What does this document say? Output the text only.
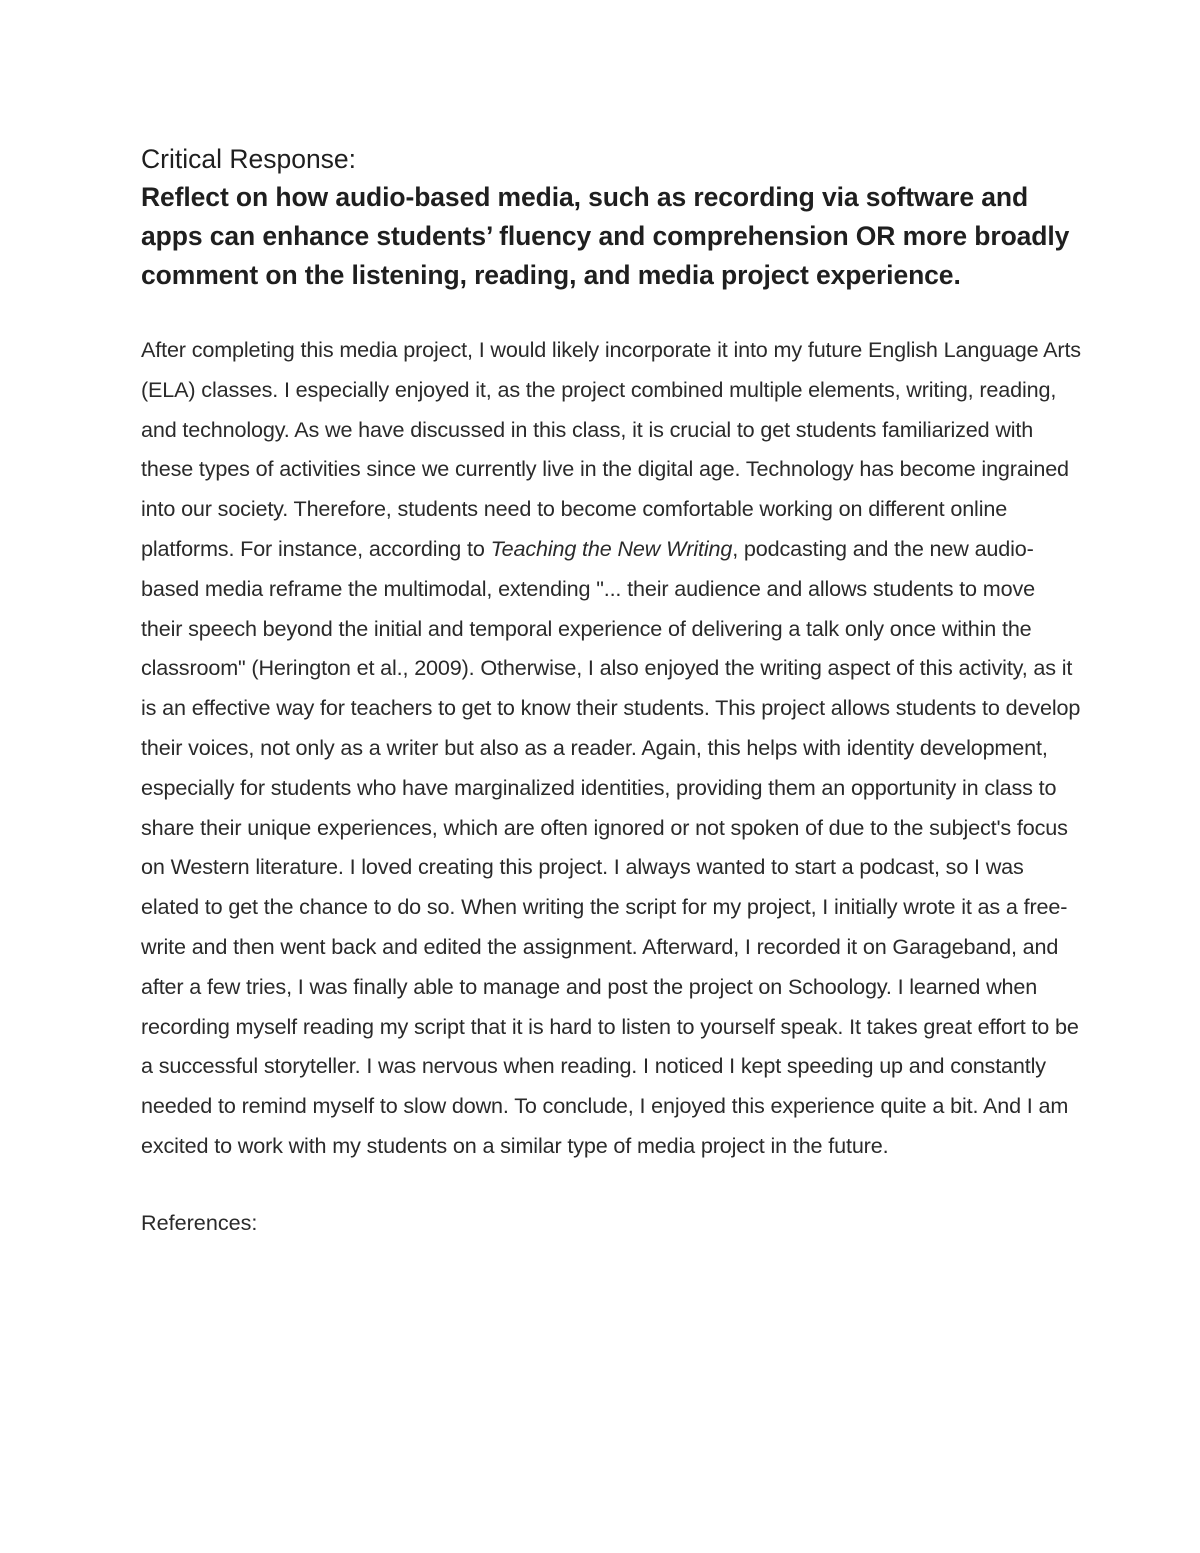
Critical Response:

Reflect on how audio-based media, such as recording via software and apps can enhance students’ fluency and comprehension OR more broadly comment on the listening, reading, and media project experience.

After completing this media project, I would likely incorporate it into my future English Language Arts (ELA) classes. I especially enjoyed it, as the project combined multiple elements, writing, reading, and technology. As we have discussed in this class, it is crucial to get students familiarized with these types of activities since we currently live in the digital age. Technology has become ingrained into our society. Therefore, students need to become comfortable working on different online platforms. For instance, according to Teaching the New Writing, podcasting and the new audio-based media reframe the multimodal, extending "... their audience and allows students to move their speech beyond the initial and temporal experience of delivering a talk only once within the classroom" (Herington et al., 2009). Otherwise, I also enjoyed the writing aspect of this activity, as it is an effective way for teachers to get to know their students. This project allows students to develop their voices, not only as a writer but also as a reader. Again, this helps with identity development, especially for students who have marginalized identities, providing them an opportunity in class to share their unique experiences, which are often ignored or not spoken of due to the subject's focus on Western literature. I loved creating this project. I always wanted to start a podcast, so I was elated to get the chance to do so. When writing the script for my project, I initially wrote it as a free-write and then went back and edited the assignment. Afterward, I recorded it on Garageband, and after a few tries, I was finally able to manage and post the project on Schoology. I learned when recording myself reading my script that it is hard to listen to yourself speak. It takes great effort to be a successful storyteller. I was nervous when reading. I noticed I kept speeding up and constantly needed to remind myself to slow down. To conclude, I enjoyed this experience quite a bit. And I am excited to work with my students on a similar type of media project in the future.

References:
